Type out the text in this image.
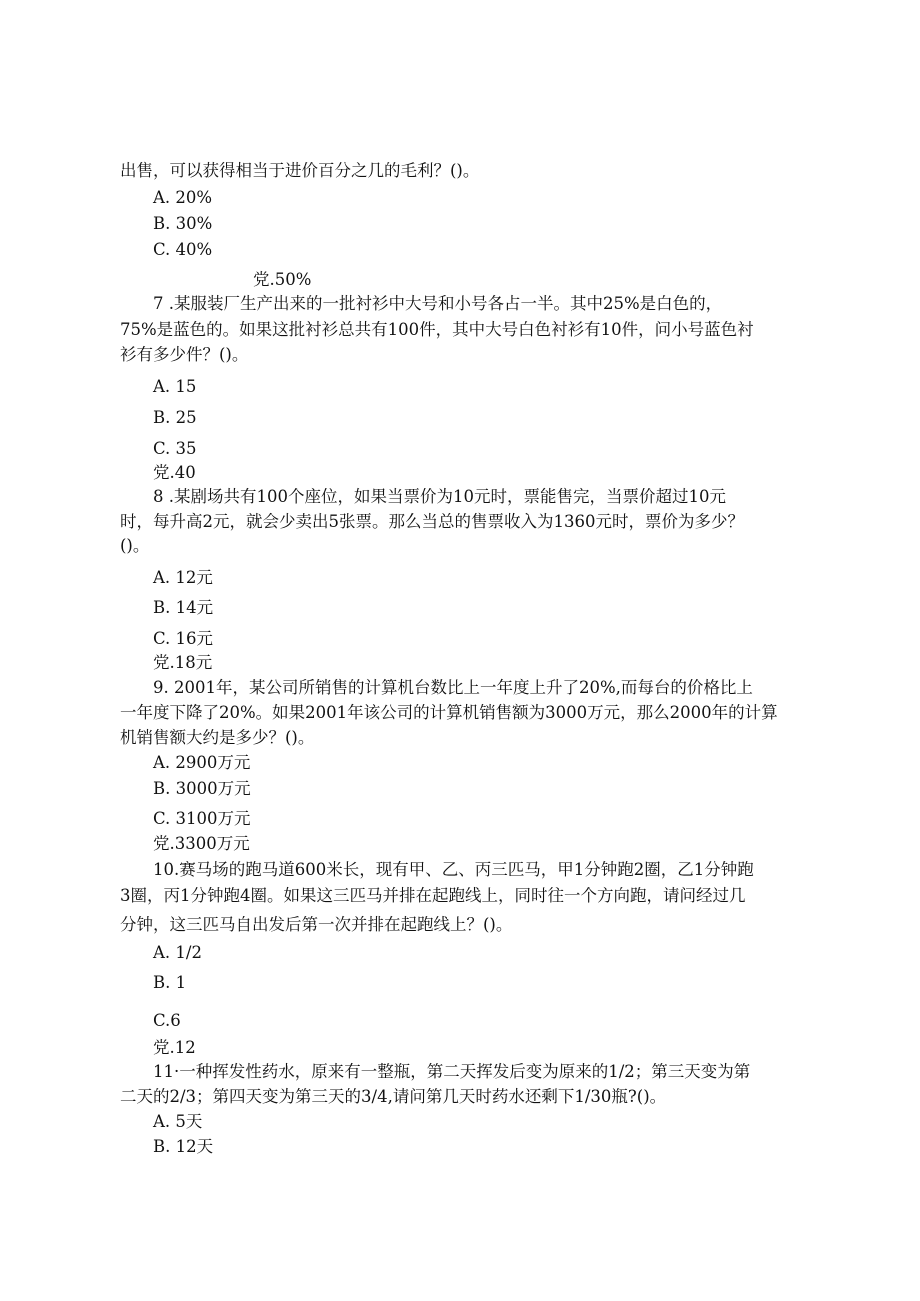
出售，可以获得相当于进价百分之几的毛利？()。
A. 20%
B. 30%
C. 40%
党.50%
7 .某服装厂生产出来的一批衬衫中大号和小号各占一半。其中25%是白色的，
75%是蓝色的。如果这批衬衫总共有100件，其中大号白色衬衫有10件，问小号蓝色衬
衫有多少件？()。
A. 15
B. 25
C. 35
党.40
8 .某剧场共有100个座位，如果当票价为10元时，票能售完，当票价超过10元
时，每升高2元，就会少卖出5张票。那么当总的售票收入为1360元时，票价为多少？
()。
A. 12元
B. 14元
C. 16元
党.18元
9. 2001年，某公司所销售的计算机台数比上一年度上升了20%,而每台的价格比上
一年度下降了20%。如果2001年该公司的计算机销售额为3000万元，那么2000年的计算
机销售额大约是多少？()。
A. 2900万元
B. 3000万元
C. 3100万元
党.3300万元
10.赛马场的跑马道600米长，现有甲、乙、丙三匹马，甲1分钟跑2圈，乙1分钟跑
3圈，丙1分钟跑4圈。如果这三匹马并排在起跑线上，同时往一个方向跑，请问经过几
分钟，这三匹马自出发后第一次并排在起跑线上？()。
A. 1/2
B. 1
C.6
党.12
11·一种挥发性药水，原来有一整瓶，第二天挥发后变为原来的1/2；第三天变为第
二天的2/3；第四天变为第三天的3/4,请问第几天时药水还剩下1/30瓶?()。
A. 5天
B. 12天
